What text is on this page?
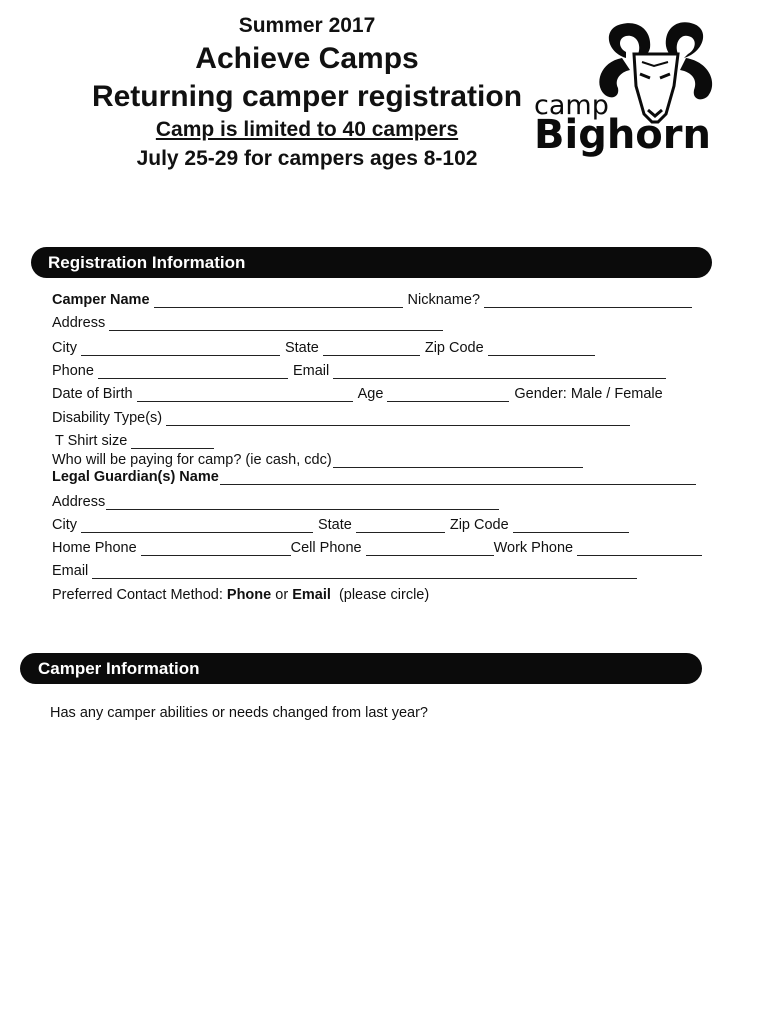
Summer 2017
Achieve Camps
Returning camper registration
Camp is limited to 40 campers
July 25-29 for campers ages 8-102
camp
Bighorn
Registration Information
Camper Name	Nickname?
Address
City	State	Zip Code
Phone	Email
Date of Birth	Age	Gender: Male / Female
Disability Type(s)
T Shirt size
Who will be paying for camp? (ie cash, cdc)
Legal Guardian(s) Name
Address
City	State	Zip Code
Home Phone	Cell Phone	Work Phone
Email
Preferred Contact Method: Phone or Email (please circle)
Camper Information
Has any camper abilities or needs changed from last year?
